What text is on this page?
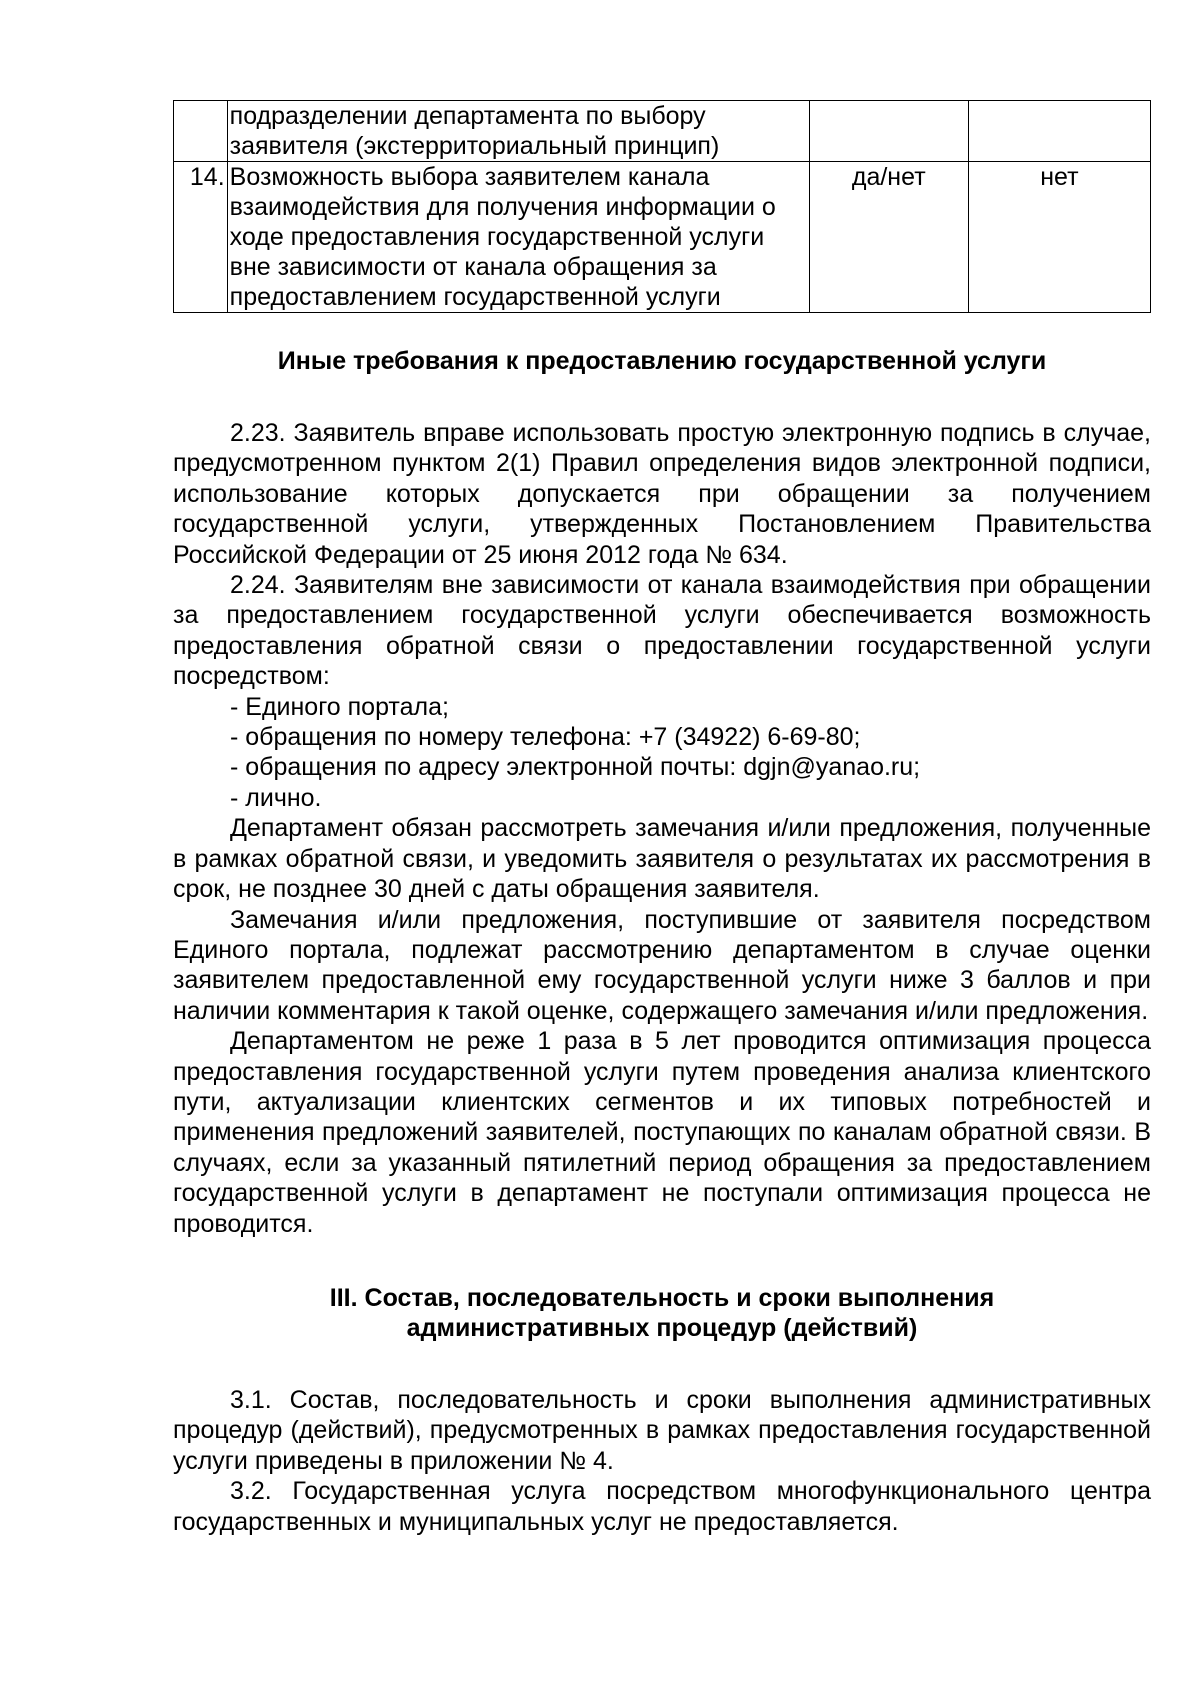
	подразделении департамента по выбору заявителя (экстерриториальный принцип)		
14.	Возможность выбора заявителем канала взаимодействия для получения информации о ходе предоставления государственной услуги вне зависимости от канала обращения за предоставлением государственной услуги	да/нет	нет
Иные требования к предоставлению государственной услуги

2.23. Заявитель вправе использовать простую электронную подпись в случае, предусмотренном пунктом 2(1) Правил определения видов электронной подписи, использование которых допускается при обращении за получением государственной услуги, утвержденных Постановлением Правительства Российской Федерации от 25 июня 2012 года № 634.

2.24. Заявителям вне зависимости от канала взаимодействия при обращении за предоставлением государственной услуги обеспечивается возможность предоставления обратной связи о предоставлении государственной услуги посредством:

- Единого портала;

- обращения по номеру телефона: +7 (34922) 6-69-80;

- обращения по адресу электронной почты: dgjn@yanao.ru;

- лично.

Департамент обязан рассмотреть замечания и/или предложения, полученные в рамках обратной связи, и уведомить заявителя о результатах их рассмотрения в срок, не позднее 30 дней с даты обращения заявителя.

Замечания и/или предложения, поступившие от заявителя посредством Единого портала, подлежат рассмотрению департаментом в случае оценки заявителем предоставленной ему государственной услуги ниже 3 баллов и при наличии комментария к такой оценке, содержащего замечания и/или предложения.

Департаментом не реже 1 раза в 5 лет проводится оптимизация процесса предоставления государственной услуги путем проведения анализа клиентского пути, актуализации клиентских сегментов и их типовых потребностей и применения предложений заявителей, поступающих по каналам обратной связи. В случаях, если за указанный пятилетний период обращения за предоставлением государственной услуги в департамент не поступали оптимизация процесса не проводится.

III. Состав, последовательность и сроки выполнения
административных процедур (действий)

3.1. Состав, последовательность и сроки выполнения административных процедур (действий), предусмотренных в рамках предоставления государственной услуги приведены в приложении № 4.

3.2. Государственная услуга посредством многофункционального центра государственных и муниципальных услуг не предоставляется.
